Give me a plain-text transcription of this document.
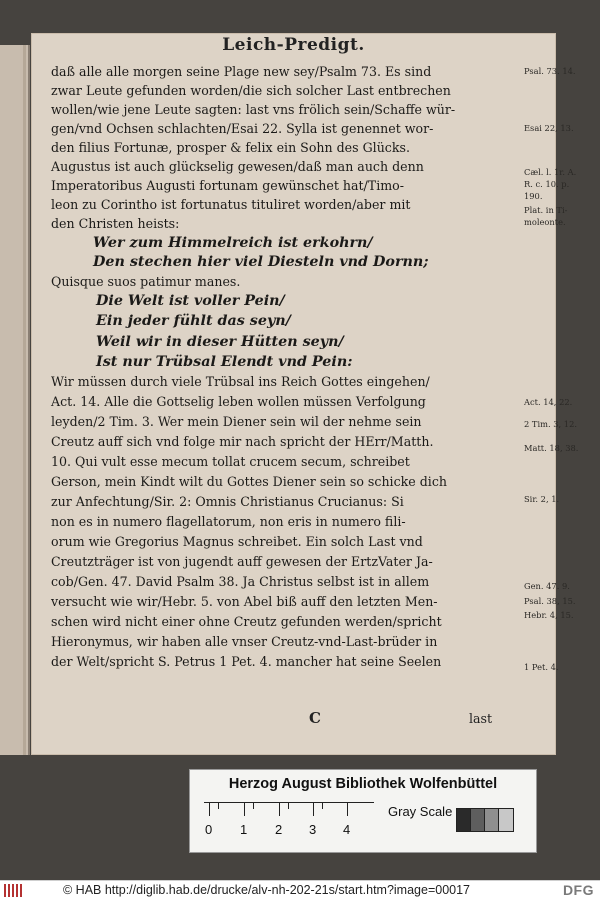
Leich-Predigt.
daß alle alle morgen seine Plage new sey/Psalm 73. Es sind
zwar Leute gefunden worden/die sich solcher Last entbrechen
wollen/wie jene Leute sagten: last vns frölich sein/Schaffe wür-
gen/vnd Ochsen schlachten/Esai 22. Sylla ist genennet wor-
den filius Fortunæ, prosper & felix ein Sohn des Glücks.
Augustus ist auch glückselig gewesen/daß man auch denn
Imperatoribus Augusti fortunam gewünschet hat/Timo-
leon zu Corintho ist fortunatus tituliret worden/aber mit
den Christen heists:
Wer zum Himmelreich ist erkohrn/
Den stechen hier viel Diesteln vnd Dornn;
Quisque suos patimur manes.
Die Welt ist voller Pein/
Ein jeder fühlt das seyn/
Weil wir in dieser Hütten seyn/
Ist nur Trübsal Elendt vnd Pein:
Wir müssen durch viele Trübsal ins Reich Gottes eingehen/
Act. 14. Alle die Gottselig leben wollen müssen Verfolgung
leyden/2 Tim. 3. Wer mein Diener sein wil der nehme sein
Creutz auff sich vnd folge mir nach spricht der HErr/Matth.
10. Qui vult esse mecum tollat crucem secum, schreibet
Gerson, mein Kindt wilt du Gottes Diener sein so schicke dich
zur Anfechtung/Sir. 2: Omnis Christianus Crucianus: Si
non es in numero flagellatorum, non eris in numero fili-
orum wie Gregorius Magnus schreibet. Ein solch Last vnd
Creutzträger ist von jugendt auff gewesen der ErtzVater Ja-
cob/Gen. 47. David Psalm 38. Ja Christus selbst ist in allem
versucht wie wir/Hebr. 5. von Abel biß auff den letzten Men-
schen wird nicht einer ohne Creutz gefunden werden/spricht
Hieronymus, wir haben alle vnser Creutz-vnd-Last-brüder in
der Welt/spricht S. Petrus 1 Pet. 4. mancher hat seine Seelen
Psal. 73. 14.
Esai 22, 13.
Cæl. l. 1r. A.
R. c. 10. p.
190.
Plat. in Ti-
moleonte.
Act. 14, 22.
2 Tim. 3, 12.
Matt. 18, 38.
Sir. 2, 1.
Gen. 47. 9.
Psal. 38, 15.
Hebr. 4, 15.
1 Pet. 4.
C	last
Herzog August Bibliothek Wolfenbüttel
0 1 2 3 4
Gray Scale
© HAB http://diglib.hab.de/drucke/alv-nh-202-21s/start.htm?image=00017	DFG
